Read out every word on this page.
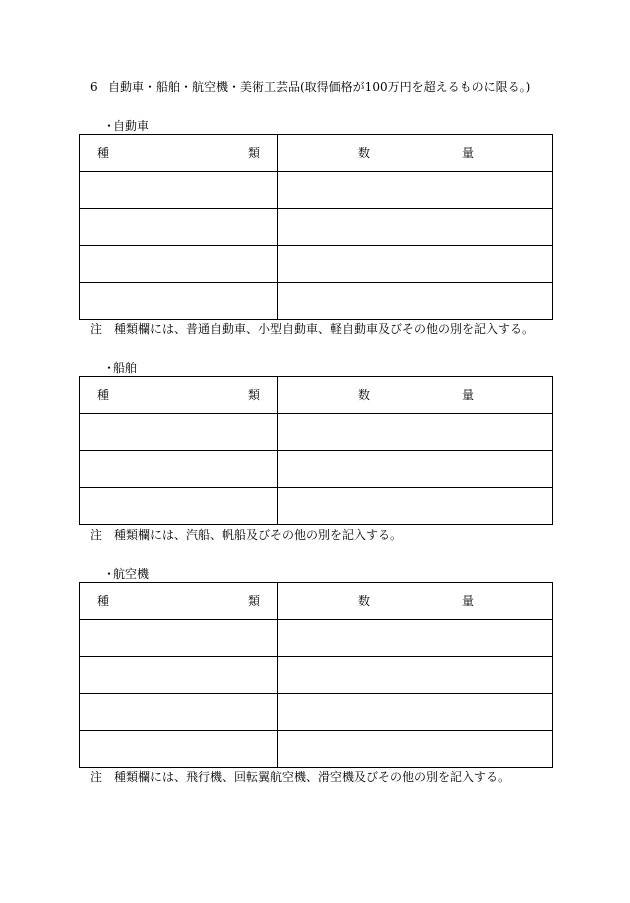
6 自動車・船舶・航空機・美術工芸品(取得価格が100万円を超えるものに限る。)
・自動車
種 類	数 量

注 種類欄には、普通自動車、小型自動車、軽自動車及びその他の別を記入する。
・船舶
種 類	数 量

注 種類欄には、汽船、帆船及びその他の別を記入する。
・航空機
種 類	数 量

注 種類欄には、飛行機、回転翼航空機、滑空機及びその他の別を記入する。
